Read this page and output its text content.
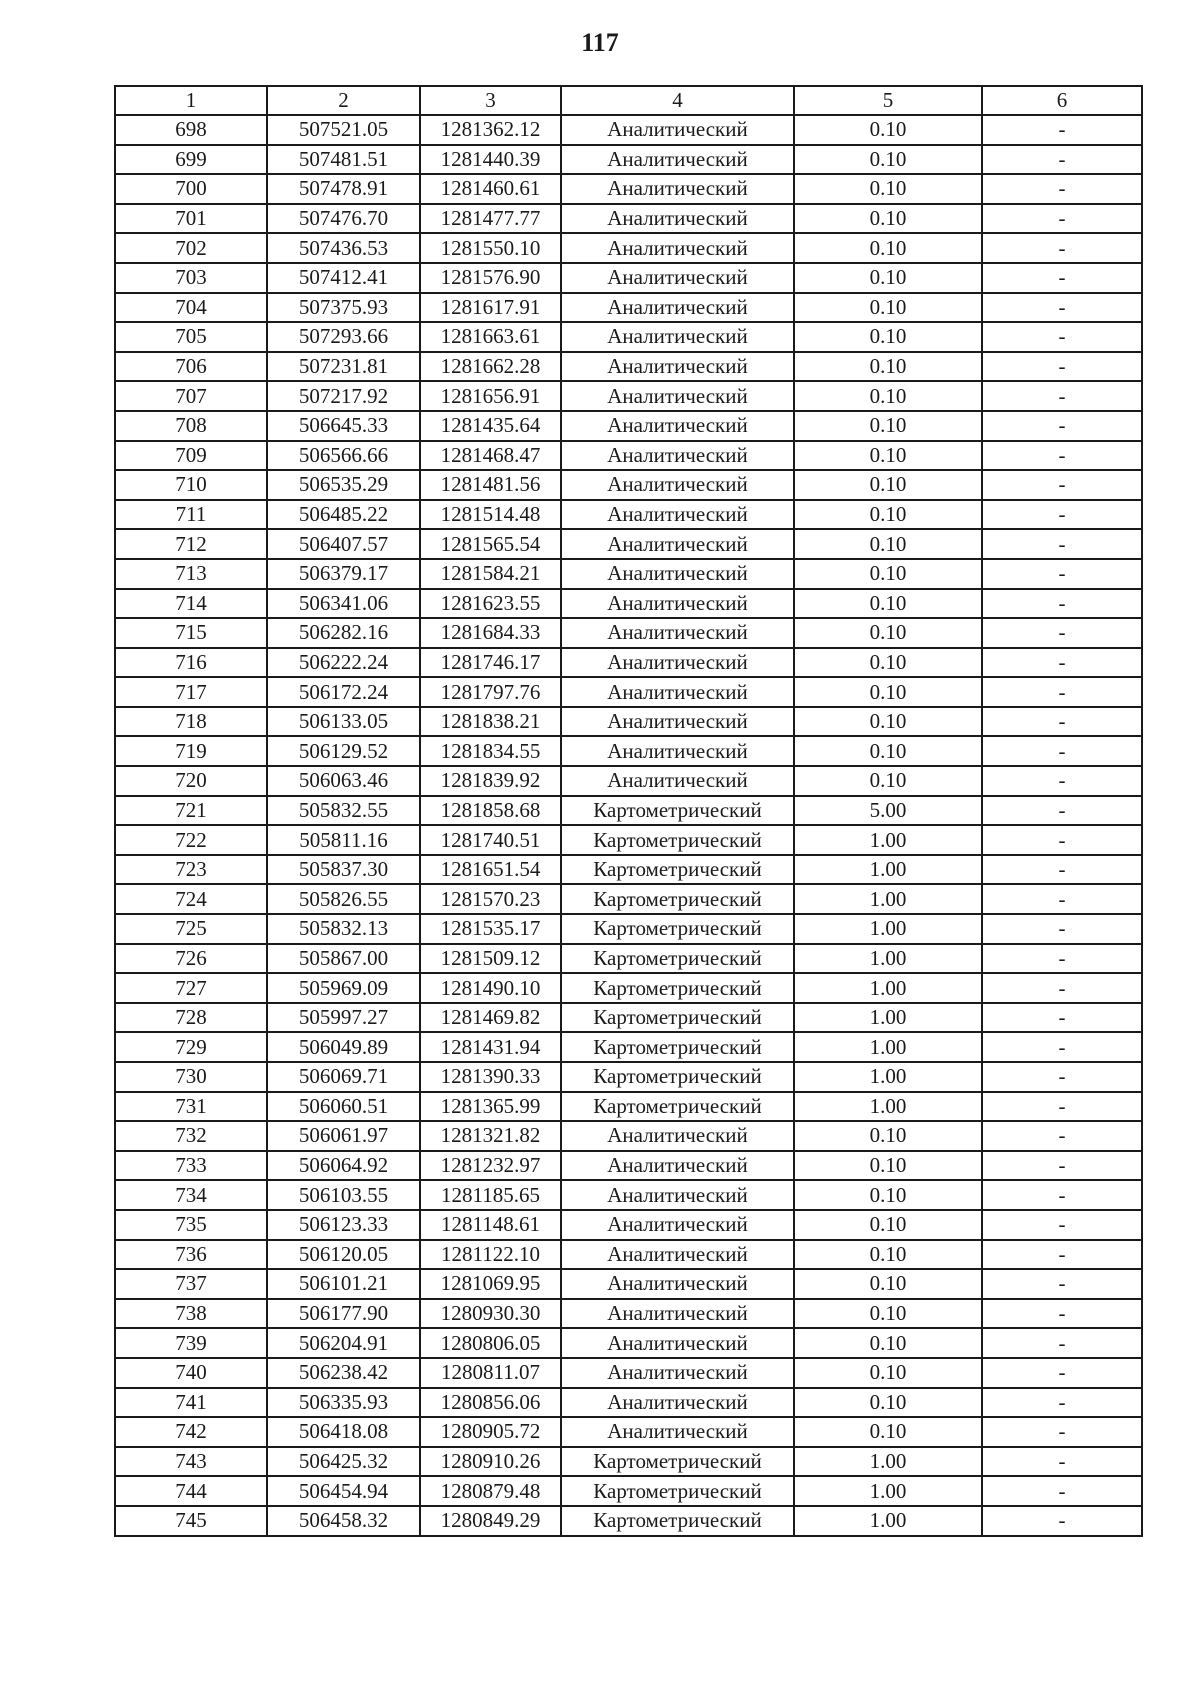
117
1	2	3	4	5	6
698	507521.05	1281362.12	Аналитический	0.10	-
699	507481.51	1281440.39	Аналитический	0.10	-
700	507478.91	1281460.61	Аналитический	0.10	-
701	507476.70	1281477.77	Аналитический	0.10	-
702	507436.53	1281550.10	Аналитический	0.10	-
703	507412.41	1281576.90	Аналитический	0.10	-
704	507375.93	1281617.91	Аналитический	0.10	-
705	507293.66	1281663.61	Аналитический	0.10	-
706	507231.81	1281662.28	Аналитический	0.10	-
707	507217.92	1281656.91	Аналитический	0.10	-
708	506645.33	1281435.64	Аналитический	0.10	-
709	506566.66	1281468.47	Аналитический	0.10	-
710	506535.29	1281481.56	Аналитический	0.10	-
711	506485.22	1281514.48	Аналитический	0.10	-
712	506407.57	1281565.54	Аналитический	0.10	-
713	506379.17	1281584.21	Аналитический	0.10	-
714	506341.06	1281623.55	Аналитический	0.10	-
715	506282.16	1281684.33	Аналитический	0.10	-
716	506222.24	1281746.17	Аналитический	0.10	-
717	506172.24	1281797.76	Аналитический	0.10	-
718	506133.05	1281838.21	Аналитический	0.10	-
719	506129.52	1281834.55	Аналитический	0.10	-
720	506063.46	1281839.92	Аналитический	0.10	-
721	505832.55	1281858.68	Картометрический	5.00	-
722	505811.16	1281740.51	Картометрический	1.00	-
723	505837.30	1281651.54	Картометрический	1.00	-
724	505826.55	1281570.23	Картометрический	1.00	-
725	505832.13	1281535.17	Картометрический	1.00	-
726	505867.00	1281509.12	Картометрический	1.00	-
727	505969.09	1281490.10	Картометрический	1.00	-
728	505997.27	1281469.82	Картометрический	1.00	-
729	506049.89	1281431.94	Картометрический	1.00	-
730	506069.71	1281390.33	Картометрический	1.00	-
731	506060.51	1281365.99	Картометрический	1.00	-
732	506061.97	1281321.82	Аналитический	0.10	-
733	506064.92	1281232.97	Аналитический	0.10	-
734	506103.55	1281185.65	Аналитический	0.10	-
735	506123.33	1281148.61	Аналитический	0.10	-
736	506120.05	1281122.10	Аналитический	0.10	-
737	506101.21	1281069.95	Аналитический	0.10	-
738	506177.90	1280930.30	Аналитический	0.10	-
739	506204.91	1280806.05	Аналитический	0.10	-
740	506238.42	1280811.07	Аналитический	0.10	-
741	506335.93	1280856.06	Аналитический	0.10	-
742	506418.08	1280905.72	Аналитический	0.10	-
743	506425.32	1280910.26	Картометрический	1.00	-
744	506454.94	1280879.48	Картометрический	1.00	-
745	506458.32	1280849.29	Картометрический	1.00	-
